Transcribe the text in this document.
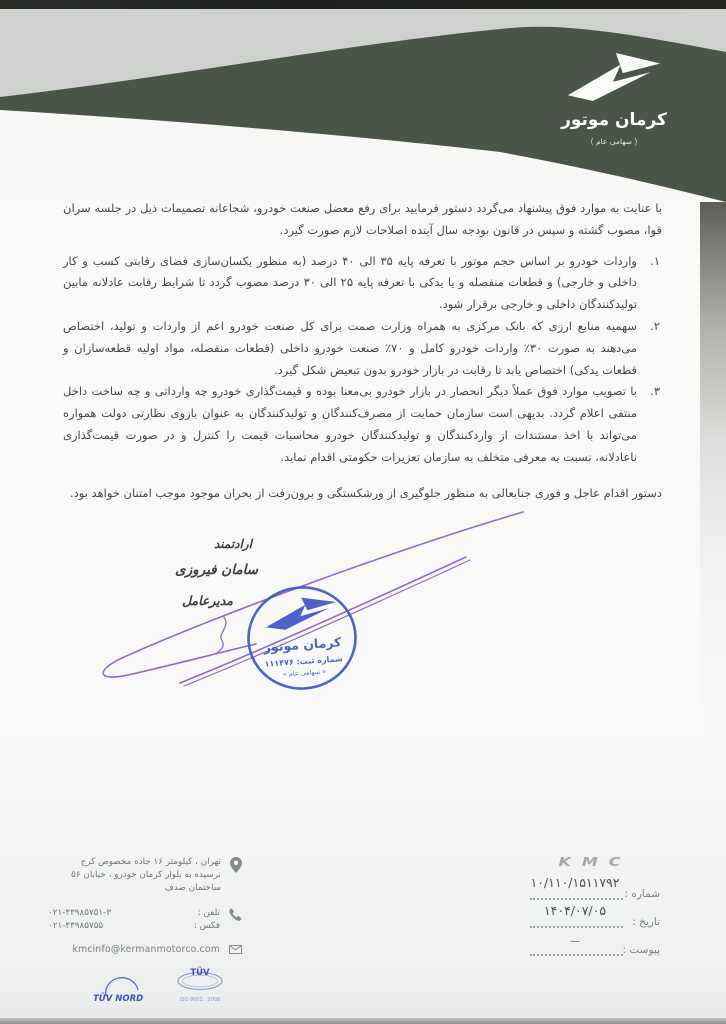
کرمان موتور
( سهامی عام )

با عنایت به موارد فوق پیشنهاد می‌گردد دستور فرمایید برای رفع معضل صنعت خودرو، شجاعانه تصمیمات ذیل در جلسه سران قوا، مصوب گشته و سپس در قانون بودجه سال آینده اصلاحات لازم صورت گیرد.

۱.
واردات خودرو بر اساس حجم موتور با تعرفه پایه ۳۵ الی ۴۰ درصد (به منظور یکسان‌سازی فضای رقابتی کسب و کار داخلی و خارجی) و قطعات منفصله و یا یدکی با تعرفه پایه ۲۵ الی ۳۰ درصد مصوب گردد تا شرایط رقابت عادلانه مابین تولیدکنندگان داخلی و خارجی برقرار شود.
۲.
سهمیه منابع ارزی که بانک مرکزی به همراه وزارت صمت برای کل صنعت خودرو اعم از واردات و تولید، اختصاص می‌دهند به صورت ۳۰٪ واردات خودرو کامل و ۷۰٪ صنعت خودرو داخلی (قطعات منفصله، مواد اولیه قطعه‌سازان و قطعات یدکی) اختصاص یابد تا رقابت در بازار خودرو بدون تبعیض شکل گیرد.
۳.
با تصویب موارد فوق عملاً دیگر انحصار در بازار خودرو بی‌معنا بوده و قیمت‌گذاری خودرو چه وارداتی و چه ساخت داخل منتفی اعلام گردد. بدیهی است سازمان حمایت از مصرف‌کنندگان و تولیدکنندگان به عنوان بازوی نظارتی دولت همواره می‌تواند با اخذ مستندات از واردکنندگان و تولیدکنندگان خودرو محاسبات قیمت را کنترل و در صورت قیمت‌گذاری ناعادلانه، نسبت به معرفی متخلف به سازمان تعزیرات حکومتی اقدام نماید.

دستور اقدام عاجل و فوری جنابعالی به منظور جلوگیری از ورشکستگی و برون‌رفت از بحران موجود موجب امتنان خواهد بود.

ارادتمند
سامان فیروزی
مدیرعامل
کرمان موتور
شماره ثبت: ۱۱۱۴۷۶
« سهامی عام »
تهران ، کیلومتر ۱۶ جاده مخصوص کرج
نرسیده به بلوار کرمان خودرو ، خیابان ۵۶
ساختمان صدف
تلفن :
۰۲۱-۴۴۹۸۵۷۵۱-۳
فکس :
۰۲۱-۴۴۹۸۵۷۵۵
kmcinfo@kermanmotorco.com
KMC
شماره :
۱۰/۱۱۰/۱۵۱۱۷۹۲
تاریخ :
۱۴۰۴/۰۷/۰۵
پیوست :
—
TÜV NORD
TÜV
ISO 9001 : 2008
